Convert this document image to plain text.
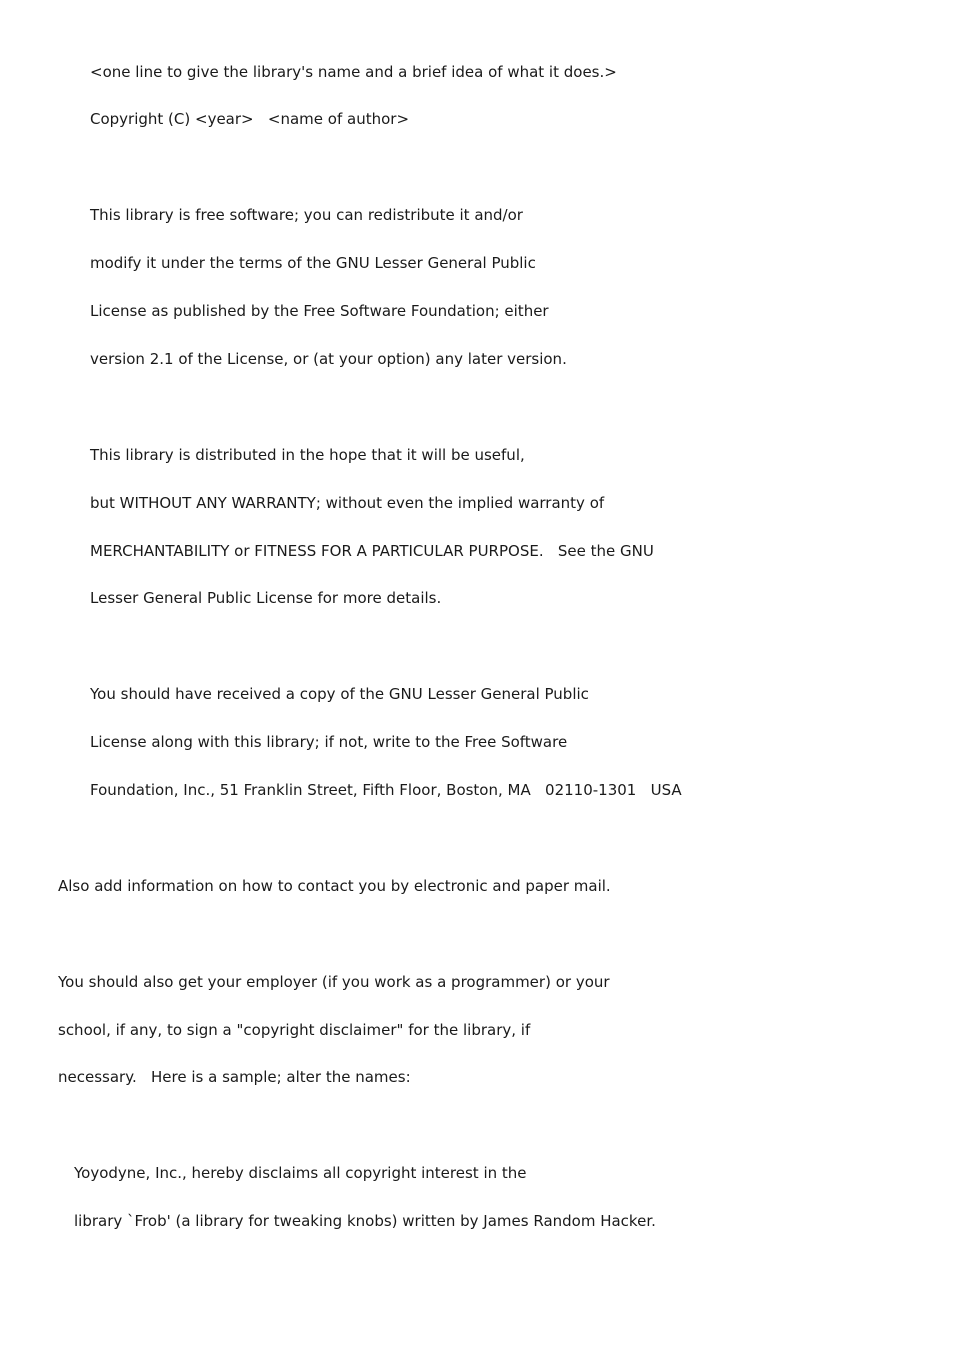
<one line to give the library's name and a brief idea of what it does.>

Copyright (C) <year>   <name of author>

This library is free software; you can redistribute it and/or

modify it under the terms of the GNU Lesser General Public

License as published by the Free Software Foundation; either

version 2.1 of the License, or (at your option) any later version.

This library is distributed in the hope that it will be useful,

but WITHOUT ANY WARRANTY; without even the implied warranty of

MERCHANTABILITY or FITNESS FOR A PARTICULAR PURPOSE.   See the GNU

Lesser General Public License for more details.

You should have received a copy of the GNU Lesser General Public

License along with this library; if not, write to the Free Software

Foundation, Inc., 51 Franklin Street, Fifth Floor, Boston, MA   02110-1301   USA

Also add information on how to contact you by electronic and paper mail.

You should also get your employer (if you work as a programmer) or your

school, if any, to sign a "copyright disclaimer" for the library, if

necessary.   Here is a sample; alter the names:

Yoyodyne, Inc., hereby disclaims all copyright interest in the

library `Frob' (a library for tweaking knobs) written by James Random Hacker.
